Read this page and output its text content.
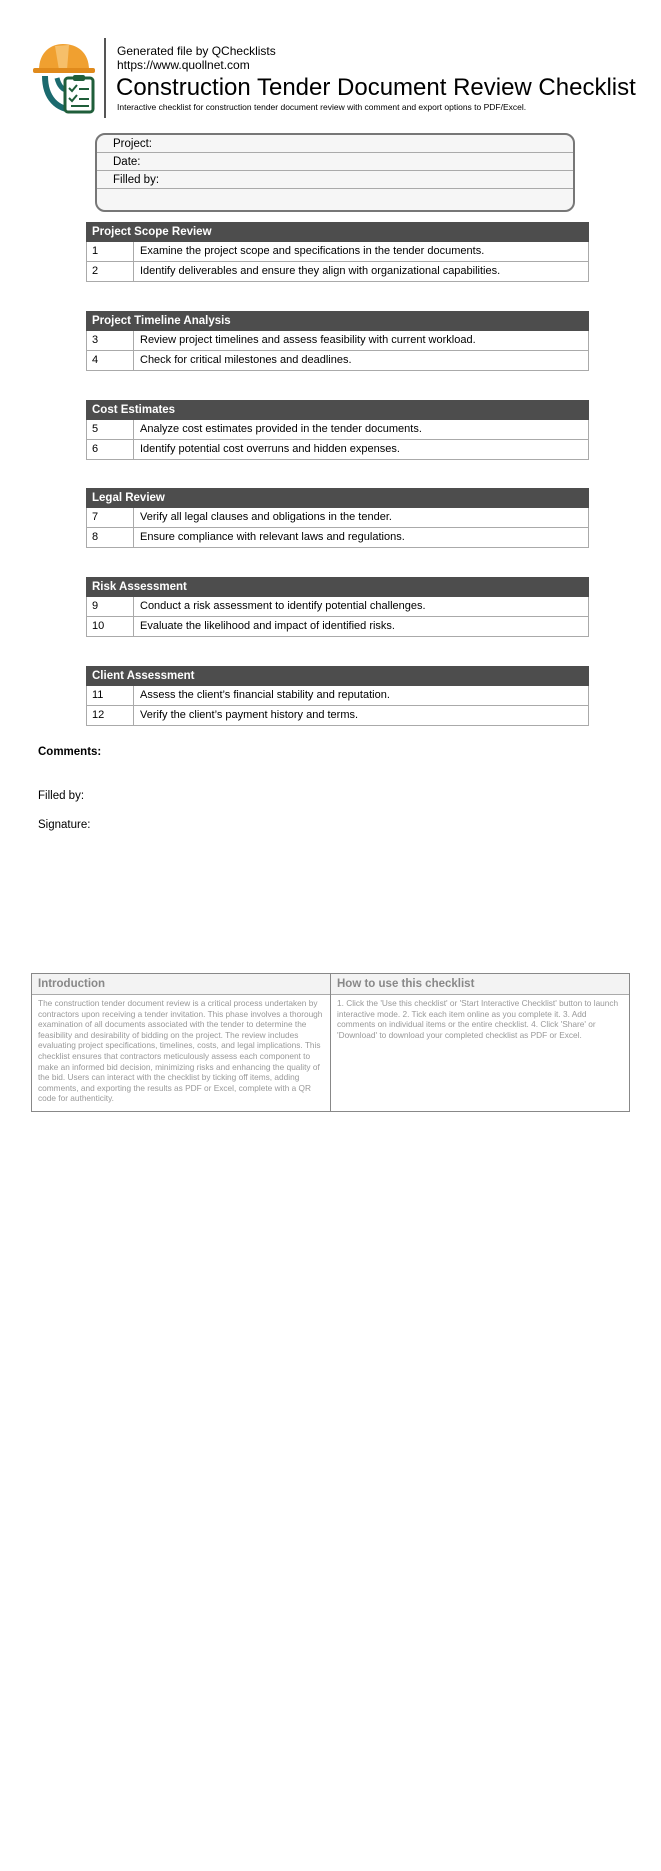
Generated file by QChecklists
https://www.quollnet.com
Construction Tender Document Review Checklist
Interactive checklist for construction tender document review with comment and export options to PDF/Excel.
Project:
Date:
Filled by:
Project Scope Review
1	Examine the project scope and specifications in the tender documents.
2	Identify deliverables and ensure they align with organizational capabilities.
Project Timeline Analysis
3	Review project timelines and assess feasibility with current workload.
4	Check for critical milestones and deadlines.
Cost Estimates
5	Analyze cost estimates provided in the tender documents.
6	Identify potential cost overruns and hidden expenses.
Legal Review
7	Verify all legal clauses and obligations in the tender.
8	Ensure compliance with relevant laws and regulations.
Risk Assessment
9	Conduct a risk assessment to identify potential challenges.
10	Evaluate the likelihood and impact of identified risks.
Client Assessment
11	Assess the client’s financial stability and reputation.
12	Verify the client’s payment history and terms.
Comments:
Filled by:
Signature:
Introduction
The construction tender document review is a critical process undertaken by contractors upon receiving a tender invitation. This phase involves a thorough examination of all documents associated with the tender to determine the feasibility and desirability of bidding on the project. The review includes evaluating project specifications, timelines, costs, and legal implications. This checklist ensures that contractors meticulously assess each component to make an informed bid decision, minimizing risks and enhancing the quality of the bid. Users can interact with the checklist by ticking off items, adding comments, and exporting the results as PDF or Excel, complete with a QR code for authenticity.
How to use this checklist
1. Click the 'Use this checklist' or 'Start Interactive Checklist' button to launch interactive mode. 2. Tick each item online as you complete it. 3. Add comments on individual items or the entire checklist. 4. Click 'Share' or 'Download' to download your completed checklist as PDF or Excel.
